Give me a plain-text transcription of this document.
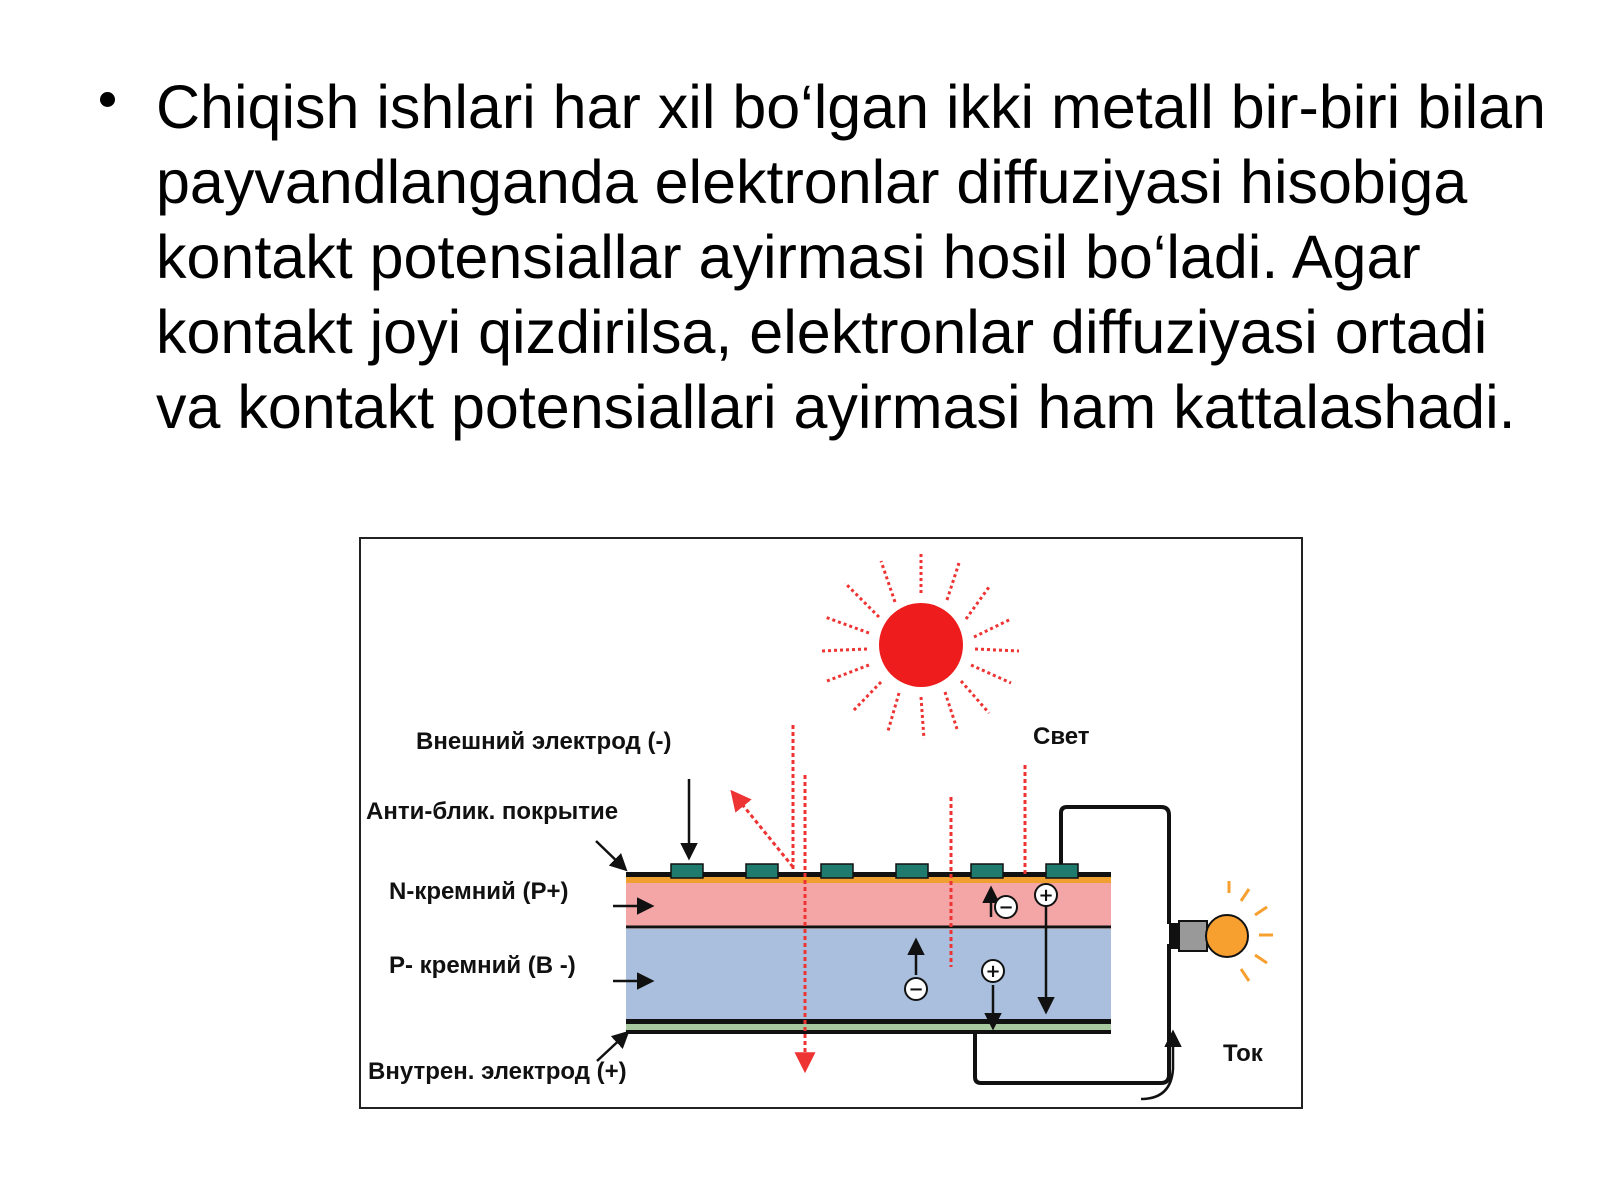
Chiqish ishlari har xil bo‘lgan ikki metall bir-biri bilan payvandlanganda elektronlar diffuziyasi hisobiga kontakt potensiallar ayirmasi hosil bo‘ladi. Agar kontakt joyi qizdirilsa, elektronlar diffuziyasi ortadi va kontakt potensiallari ayirmasi ham kattalashadi.

−
−
+
+
Внешний электрод (-)
Анти-блик. покрытие
N-кремний (P+)
P- кремний (B -)
Внутрен. электрод (+)
Свет
Ток
